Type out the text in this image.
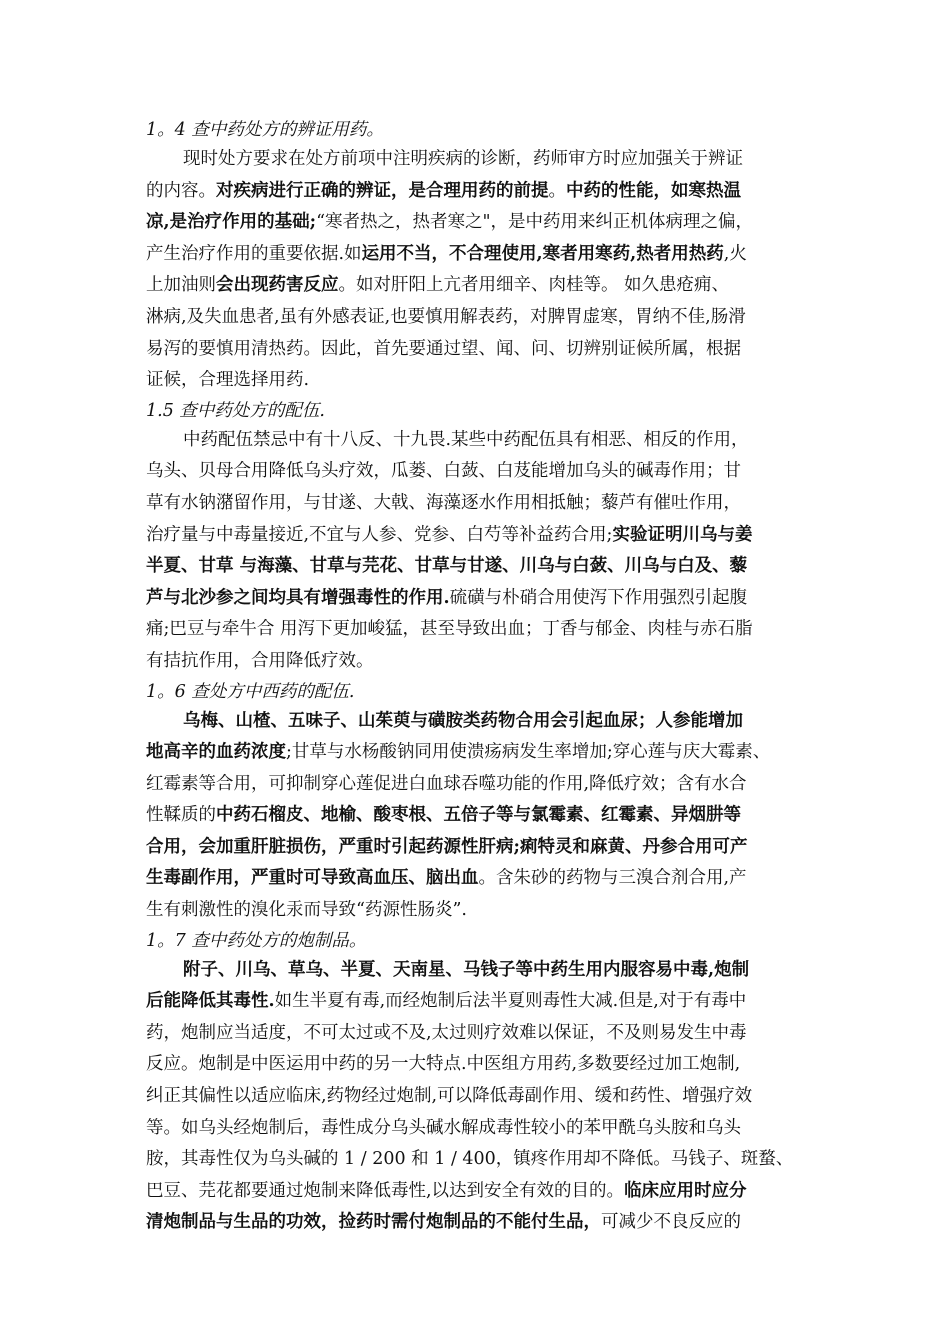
1。4 查中药处方的辨证用药。
现时处方要求在处方前项中注明疾病的诊断，药师审方时应加强关于辨证
的内容。对疾病进行正确的辨证，是合理用药的前提。中药的性能，如寒热温
凉,是治疗作用的基础;“寒者热之，热者寒之"，是中药用来纠正机体病理之偏，
产生治疗作用的重要依据.如运用不当，不合理使用,寒者用寒药,热者用热药,火
上加油则会出现药害反应。如对肝阳上亢者用细辛、肉桂等。 如久患疮痈、
淋病,及失血患者,虽有外感表证,也要慎用解表药，对脾胃虚寒，胃纳不佳,肠滑
易泻的要慎用清热药。因此，首先要通过望、闻、问、切辨别证候所属，根据
证候，合理选择用药.
1.5 查中药处方的配伍.
中药配伍禁忌中有十八反、十九畏.某些中药配伍具有相恶、相反的作用，
乌头、贝母合用降低乌头疗效，瓜蒌、白蔹、白芨能增加乌头的碱毒作用；甘
草有水钠潴留作用，与甘遂、大戟、海藻逐水作用相抵触；藜芦有催吐作用，
治疗量与中毒量接近,不宜与人参、党参、白芍等补益药合用;实验证明川乌与姜
半夏、甘草 与海藻、甘草与芫花、甘草与甘遂、川乌与白蔹、川乌与白及、藜
芦与北沙参之间均具有增强毒性的作用.硫磺与朴硝合用使泻下作用强烈引起腹
痛;巴豆与牵牛合 用泻下更加峻猛，甚至导致出血；丁香与郁金、肉桂与赤石脂
有拮抗作用，合用降低疗效。
1。6 查处方中西药的配伍.
乌梅、山楂、五味子、山茱萸与磺胺类药物合用会引起血尿；人参能增加
地高辛的血药浓度;甘草与水杨酸钠同用使溃疡病发生率增加;穿心莲与庆大霉素、
红霉素等合用，可抑制穿心莲促进白血球吞噬功能的作用,降低疗效；含有水合
性鞣质的中药石榴皮、地榆、酸枣根、五倍子等与氯霉素、红霉素、异烟肼等
合用，会加重肝脏损伤，严重时引起药源性肝病;痢特灵和麻黄、丹参合用可产
生毒副作用，严重时可导致高血压、脑出血。含朱砂的药物与三溴合剂合用,产
生有刺激性的溴化汞而导致“药源性肠炎”.
1。7 查中药处方的炮制品。
附子、川乌、草乌、半夏、天南星、马钱子等中药生用内服容易中毒,炮制
后能降低其毒性.如生半夏有毒,而经炮制后法半夏则毒性大减.但是,对于有毒中
药，炮制应当适度，不可太过或不及,太过则疗效难以保证，不及则易发生中毒
反应。炮制是中医运用中药的另一大特点.中医组方用药,多数要经过加工炮制,
纠正其偏性以适应临床,药物经过炮制,可以降低毒副作用、缓和药性、增强疗效
等。如乌头经炮制后，毒性成分乌头碱水解成毒性较小的苯甲酰乌头胺和乌头
胺，其毒性仅为乌头碱的 1 / 200 和 1 / 400，镇疼作用却不降低。马钱子、斑蝥、
巴豆、芫花都要通过炮制来降低毒性,以达到安全有效的目的。临床应用时应分
清炮制品与生品的功效，捡药时需付炮制品的不能付生品，可减少不良反应的
